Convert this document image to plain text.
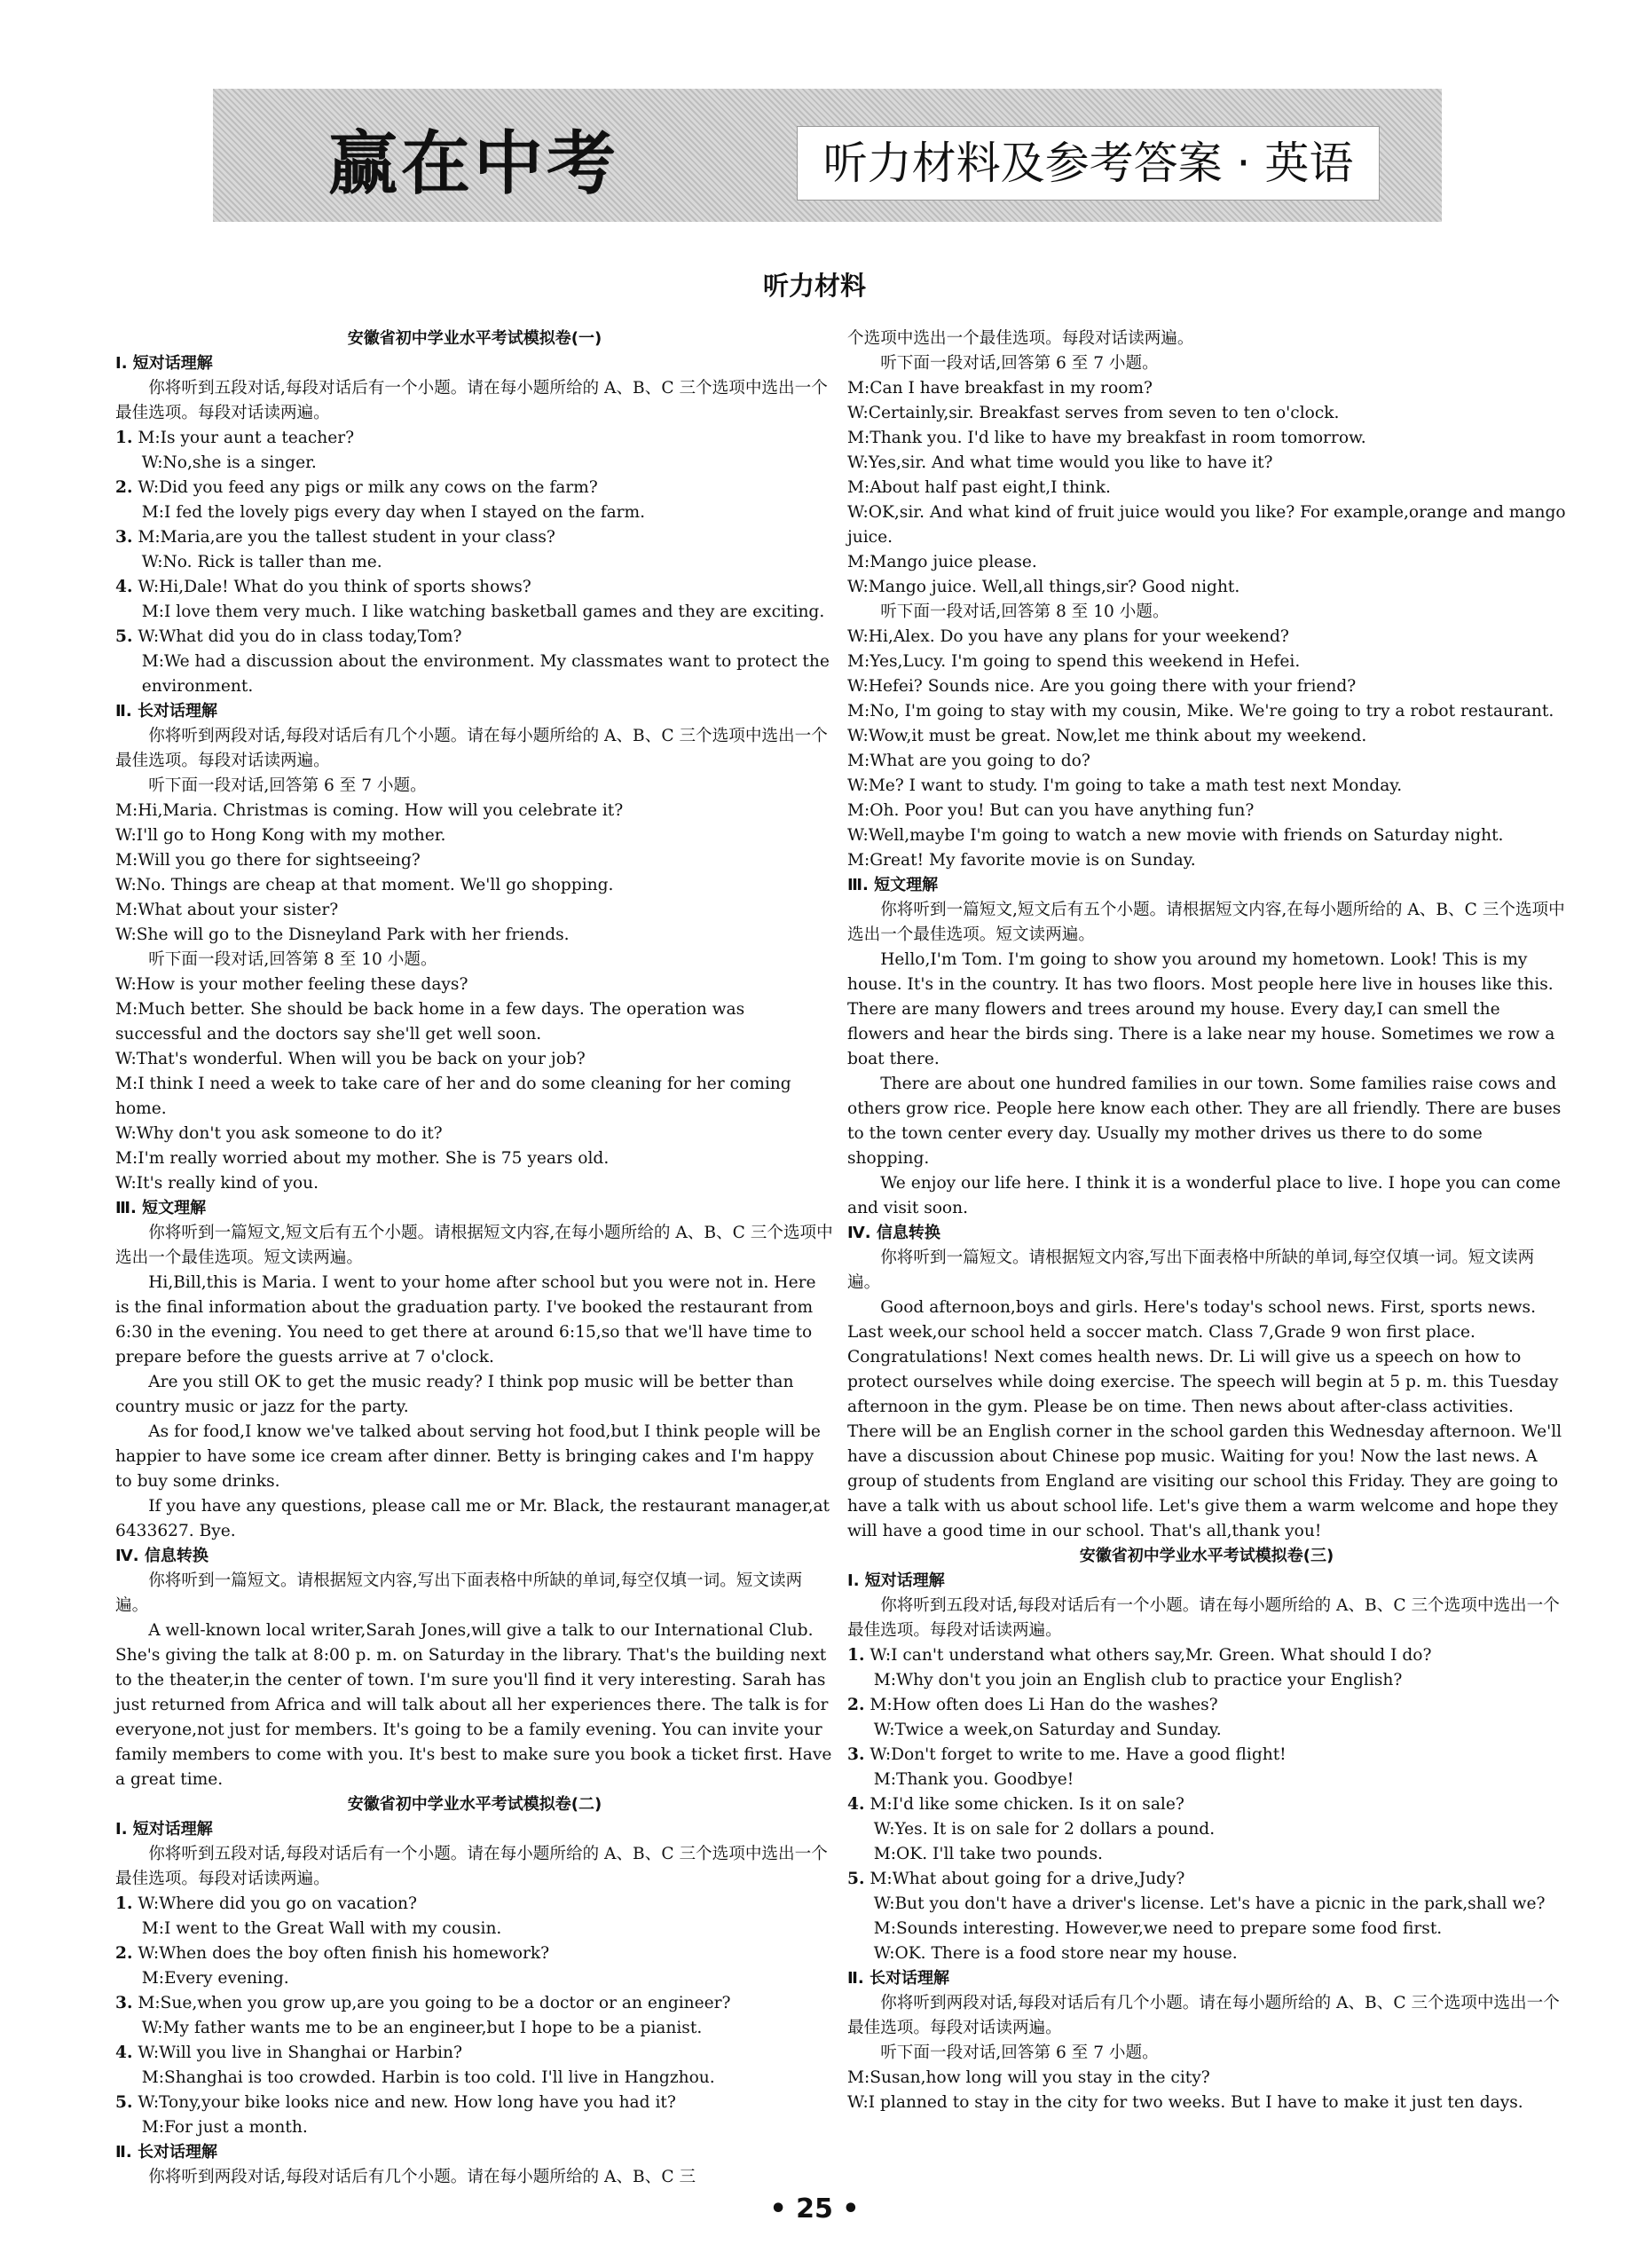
赢在中考	听力材料及参考答案 · 英语
听力材料

安徽省初中学业水平考试模拟卷(一)

Ⅰ. 短对话理解

你将听到五段对话,每段对话后有一个小题。请在每小题所给的 A、B、C 三个选项中选出一个最佳选项。每段对话读两遍。

1. M:Is your aunt a teacher?

W:No,she is a singer.

2. W:Did you feed any pigs or milk any cows on the farm?

M:I fed the lovely pigs every day when I stayed on the farm.

3. M:Maria,are you the tallest student in your class?

W:No. Rick is taller than me.

4. W:Hi,Dale! What do you think of sports shows?

M:I love them very much. I like watching basketball games and they are exciting.

5. W:What did you do in class today,Tom?

M:We had a discussion about the environment. My classmates want to protect the environment.

Ⅱ. 长对话理解

你将听到两段对话,每段对话后有几个小题。请在每小题所给的 A、B、C 三个选项中选出一个最佳选项。每段对话读两遍。

听下面一段对话,回答第 6 至 7 小题。

M:Hi,Maria. Christmas is coming. How will you celebrate it?

W:I'll go to Hong Kong with my mother.

M:Will you go there for sightseeing?

W:No. Things are cheap at that moment. We'll go shopping.

M:What about your sister?

W:She will go to the Disneyland Park with her friends.

听下面一段对话,回答第 8 至 10 小题。

W:How is your mother feeling these days?

M:Much better. She should be back home in a few days. The operation was successful and the doctors say she'll get well soon.

W:That's wonderful. When will you be back on your job?

M:I think I need a week to take care of her and do some cleaning for her coming home.

W:Why don't you ask someone to do it?

M:I'm really worried about my mother. She is 75 years old.

W:It's really kind of you.

Ⅲ. 短文理解

你将听到一篇短文,短文后有五个小题。请根据短文内容,在每小题所给的 A、B、C 三个选项中选出一个最佳选项。短文读两遍。

Hi,Bill,this is Maria. I went to your home after school but you were not in. Here is the final information about the graduation party. I've booked the restaurant from 6:30 in the evening. You need to get there at around 6:15,so that we'll have time to prepare before the guests arrive at 7 o'clock.

Are you still OK to get the music ready? I think pop music will be better than country music or jazz for the party.

As for food,I know we've talked about serving hot food,but I think people will be happier to have some ice cream after dinner. Betty is bringing cakes and I'm happy to buy some drinks.

If you have any questions, please call me or Mr. Black, the restaurant manager,at 6433627. Bye.

Ⅳ. 信息转换

你将听到一篇短文。请根据短文内容,写出下面表格中所缺的单词,每空仅填一词。短文读两遍。

A well-known local writer,Sarah Jones,will give a talk to our International Club. She's giving the talk at 8:00 p. m. on Saturday in the library. That's the building next to the theater,in the center of town. I'm sure you'll find it very interesting. Sarah has just returned from Africa and will talk about all her experiences there. The talk is for everyone,not just for members. It's going to be a family evening. You can invite your family members to come with you. It's best to make sure you book a ticket first. Have a great time.

安徽省初中学业水平考试模拟卷(二)

Ⅰ. 短对话理解

你将听到五段对话,每段对话后有一个小题。请在每小题所给的 A、B、C 三个选项中选出一个最佳选项。每段对话读两遍。

1. W:Where did you go on vacation?

M:I went to the Great Wall with my cousin.

2. W:When does the boy often finish his homework?

M:Every evening.

3. M:Sue,when you grow up,are you going to be a doctor or an engineer?

W:My father wants me to be an engineer,but I hope to be a pianist.

4. W:Will you live in Shanghai or Harbin?

M:Shanghai is too crowded. Harbin is too cold. I'll live in Hangzhou.

5. W:Tony,your bike looks nice and new. How long have you had it?

M:For just a month.

Ⅱ. 长对话理解

你将听到两段对话,每段对话后有几个小题。请在每小题所给的 A、B、C 三

个选项中选出一个最佳选项。每段对话读两遍。

听下面一段对话,回答第 6 至 7 小题。

M:Can I have breakfast in my room?

W:Certainly,sir. Breakfast serves from seven to ten o'clock.

M:Thank you. I'd like to have my breakfast in room tomorrow.

W:Yes,sir. And what time would you like to have it?

M:About half past eight,I think.

W:OK,sir. And what kind of fruit juice would you like? For example,orange and mango juice.

M:Mango juice please.

W:Mango juice. Well,all things,sir? Good night.

听下面一段对话,回答第 8 至 10 小题。

W:Hi,Alex. Do you have any plans for your weekend?

M:Yes,Lucy. I'm going to spend this weekend in Hefei.

W:Hefei? Sounds nice. Are you going there with your friend?

M:No, I'm going to stay with my cousin, Mike. We're going to try a robot restaurant.

W:Wow,it must be great. Now,let me think about my weekend.

M:What are you going to do?

W:Me? I want to study. I'm going to take a math test next Monday.

M:Oh. Poor you! But can you have anything fun?

W:Well,maybe I'm going to watch a new movie with friends on Saturday night.

M:Great! My favorite movie is on Sunday.

Ⅲ. 短文理解

你将听到一篇短文,短文后有五个小题。请根据短文内容,在每小题所给的 A、B、C 三个选项中选出一个最佳选项。短文读两遍。

Hello,I'm Tom. I'm going to show you around my hometown. Look! This is my house. It's in the country. It has two floors. Most people here live in houses like this. There are many flowers and trees around my house. Every day,I can smell the flowers and hear the birds sing. There is a lake near my house. Sometimes we row a boat there.

There are about one hundred families in our town. Some families raise cows and others grow rice. People here know each other. They are all friendly. There are buses to the town center every day. Usually my mother drives us there to do some shopping.

We enjoy our life here. I think it is a wonderful place to live. I hope you can come and visit soon.

Ⅳ. 信息转换

你将听到一篇短文。请根据短文内容,写出下面表格中所缺的单词,每空仅填一词。短文读两遍。

Good afternoon,boys and girls. Here's today's school news. First, sports news. Last week,our school held a soccer match. Class 7,Grade 9 won first place. Congratulations! Next comes health news. Dr. Li will give us a speech on how to protect ourselves while doing exercise. The speech will begin at 5 p. m. this Tuesday afternoon in the gym. Please be on time. Then news about after-class activities. There will be an English corner in the school garden this Wednesday afternoon. We'll have a discussion about Chinese pop music. Waiting for you! Now the last news. A group of students from England are visiting our school this Friday. They are going to have a talk with us about school life. Let's give them a warm welcome and hope they will have a good time in our school. That's all,thank you!

安徽省初中学业水平考试模拟卷(三)

Ⅰ. 短对话理解

你将听到五段对话,每段对话后有一个小题。请在每小题所给的 A、B、C 三个选项中选出一个最佳选项。每段对话读两遍。

1. W:I can't understand what others say,Mr. Green. What should I do?

M:Why don't you join an English club to practice your English?

2. M:How often does Li Han do the washes?

W:Twice a week,on Saturday and Sunday.

3. W:Don't forget to write to me. Have a good flight!

M:Thank you. Goodbye!

4. M:I'd like some chicken. Is it on sale?

W:Yes. It is on sale for 2 dollars a pound.

M:OK. I'll take two pounds.

5. M:What about going for a drive,Judy?

W:But you don't have a driver's license. Let's have a picnic in the park,shall we?

M:Sounds interesting. However,we need to prepare some food first.

W:OK. There is a food store near my house.

Ⅱ. 长对话理解

你将听到两段对话,每段对话后有几个小题。请在每小题所给的 A、B、C 三个选项中选出一个最佳选项。每段对话读两遍。

听下面一段对话,回答第 6 至 7 小题。

M:Susan,how long will you stay in the city?

W:I planned to stay in the city for two weeks. But I have to make it just ten days.

• 25 •
